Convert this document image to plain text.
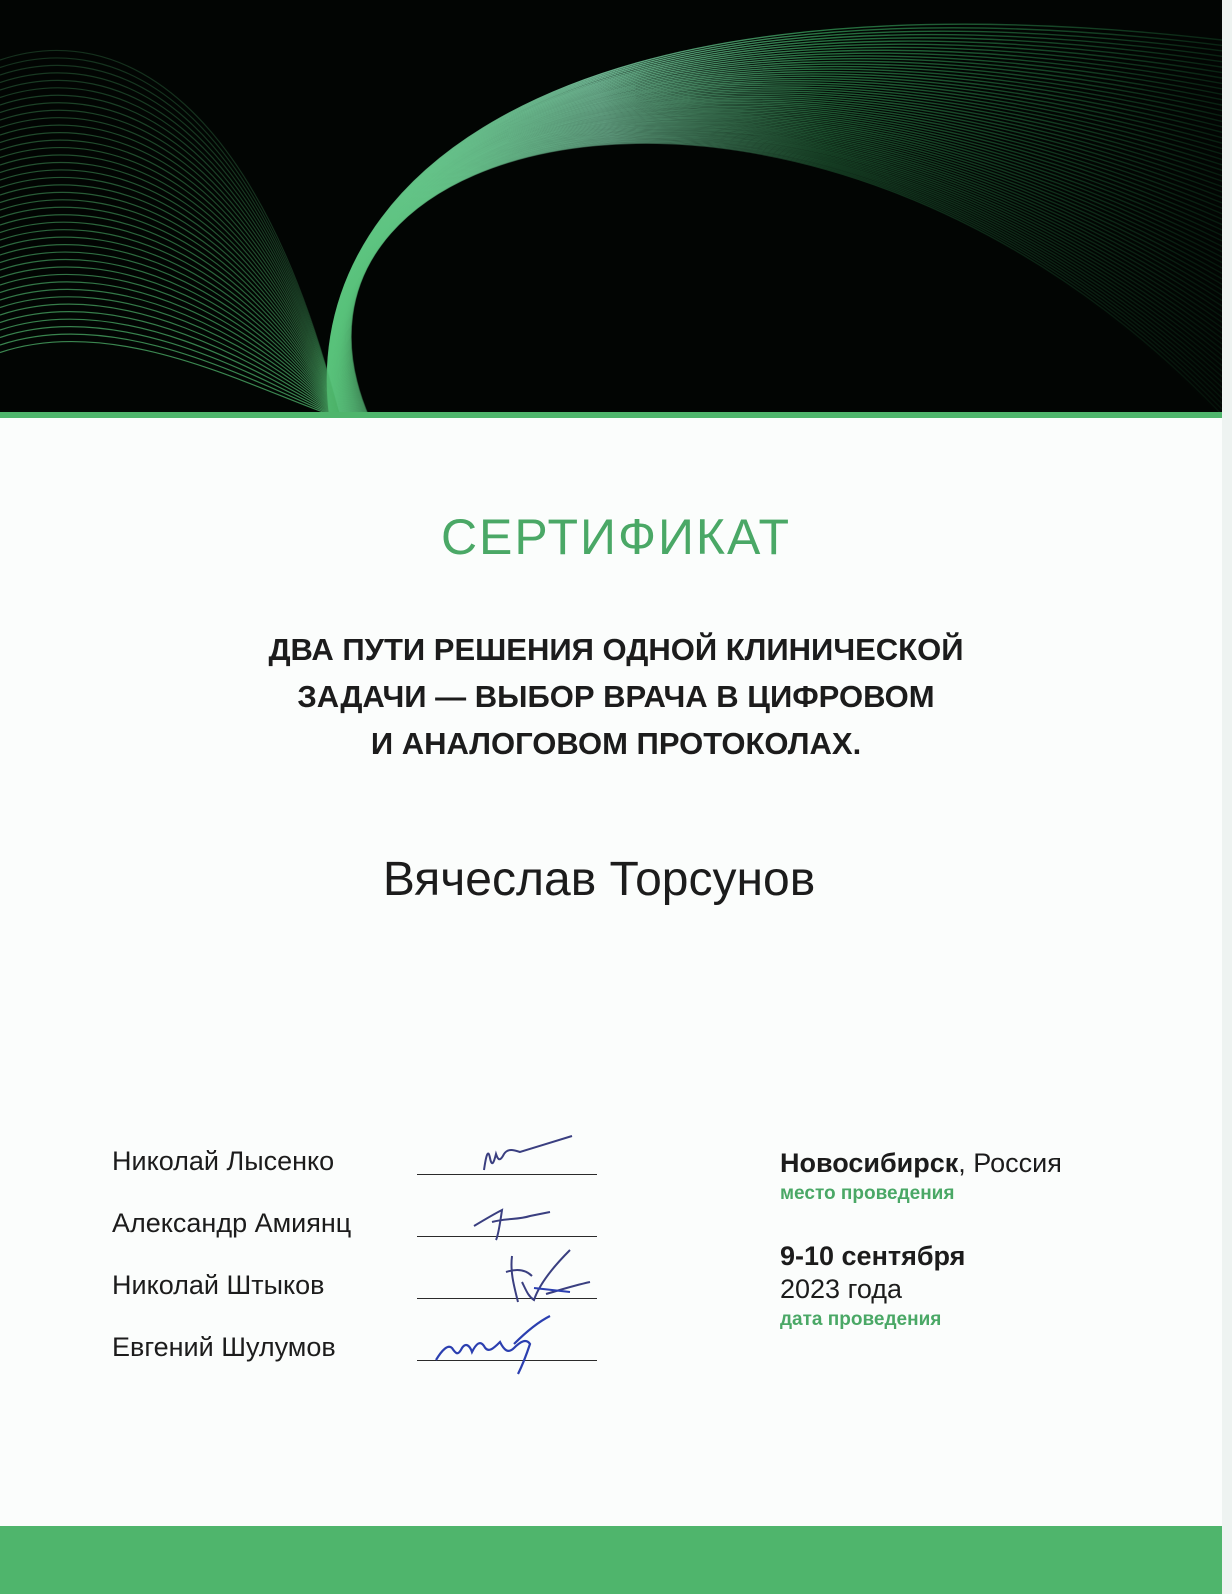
СЕРТИФИКАТ
ДВА ПУТИ РЕШЕНИЯ ОДНОЙ КЛИНИЧЕСКОЙ
ЗАДАЧИ — ВЫБОР ВРАЧА В ЦИФРОВОМ
И АНАЛОГОВОМ ПРОТОКОЛАХ.
Вячеслав Торсунов
Николай Лысенко
Александр Амиянц
Николай Штыков
Евгений Шулумов
Новосибирск, Россия
место проведения
9-10 сентября
2023 года
дата проведения
